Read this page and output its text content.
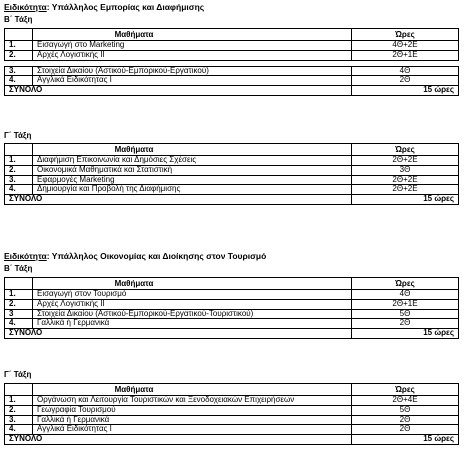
Ειδικότητα: Υπάλληλος Εμπορίας και Διαφήμισης
Β΄ Τάξη
	Μαθήματα	Ώρες
1.	Εισαγωγή στο Marketing	4Θ+2Ε
2.	Αρχές Λογιστικής ΙΙ	2Θ+1Ε

3.	Στοιχεία Δικαίου (Αστικού-Εμπορικού-Εργατικού)	4Θ
4.	Αγγλικά Ειδικότητας Ι	2Θ
ΣΥΝΟΛΟ		15 ώρες
Γ΄ Τάξη
	Μαθήματα	Ώρες
1.	Διαφήμιση Επικοινωνία και Δημόσιες Σχέσεις	2Θ+2Ε
2.	Οικονομικά Μαθηματικά και Στατιστική	3Θ
3.	Εφαρμογές Marketing	2Θ+2Ε
4.	Δημιουργία και Προβολή της Διαφήμισης	2Θ+2Ε
ΣΥΝΟΛΟ		15 ώρες
Ειδικότητα: Υπάλληλος Οικονομίας και Διοίκησης στον Τουρισμό
Β΄ Τάξη
	Μαθήματα	Ώρες
1.	Εισαγωγή στον Τουρισμό	4Θ
2.	Αρχές Λογιστικής ΙΙ	2Θ+1Ε
3	Στοιχεία Δικαίου (Αστικού-Εμπορικού-Εργατικού-Τουριστικού)	5Θ
4.	Γαλλικά ή Γερμανικά	2Θ
ΣΥΝΟΛΟ		15 ώρες
Γ΄ Τάξη
	Μαθήματα	Ώρες
1.	Οργάνωση και Λειτουργία Τουριστικών και Ξενοδοχειακών Επιχειρήσεων	2Θ+4Ε
2.	Γεωγραφία Τουρισμού	5Θ
3.	Γαλλικά ή Γερμανικά	2Θ
4.	Αγγλικά Ειδικότητας Ι	2Θ
ΣΥΝΟΛΟ		15 ώρες
